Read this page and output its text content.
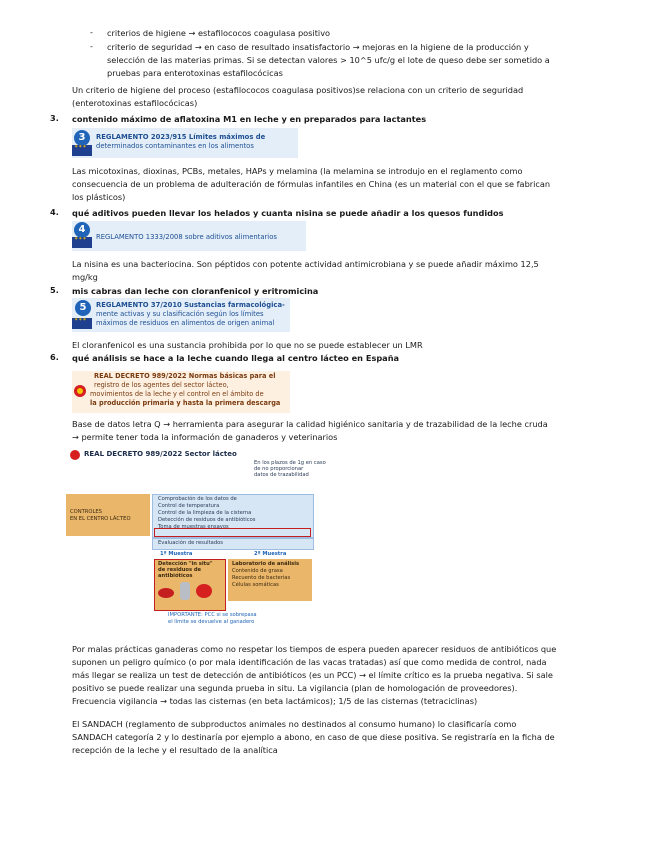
- criterios de higiene → estafilococos coagulasa positivo
- criterio de seguridad → en caso de resultado insatisfactorio → mejoras en la higiene de la producción y
selección de las materias primas. Si se detectan valores > 10^5 ufc/g el lote de queso debe ser sometido a
pruebas para enterotoxinas estafilocócicas
Un criterio de higiene del proceso (estafilococos coagulasa positivos)se relaciona con un criterio de seguridad
(enterotoxinas estafilocócicas)
3. contenido máximo de aflatoxina M1 en leche y en preparados para lactantes
3
✶✶✶	REGLAMENTO 2023/915 Límites máximos de
determinados contaminantes en los alimentos
Las micotoxinas, dioxinas, PCBs, metales, HAPs y melamina (la melamina se introdujo en el reglamento como
consecuencia de un problema de adulteración de fórmulas infantiles en China (es un material con el que se fabrican
los plásticos)
4. qué aditivos pueden llevar los helados y cuanta nisina se puede añadir a los quesos fundidos
4
✶✶✶
REGLAMENTO 1333/2008 sobre aditivos alimentarios
La nisina es una bacteriocina. Son péptidos con potente actividad antimicrobiana y se puede añadir máximo 12,5
mg/kg
5. mis cabras dan leche con cloranfenicol y eritromicina
5
✶✶✶	REGLAMENTO 37/2010 Sustancias farmacológica-
mente activas y su clasificación según los límites
máximos de residuos en alimentos de origen animal
El cloranfenicol es una sustancia prohibida por lo que no se puede establecer un LMR
6. qué análisis se hace a la leche cuando llega al centro lácteo en España
REAL DECRETO 989/2022 Normas básicas para el
registro de los agentes del sector lácteo,
movimientos de la leche y el control en el ámbito de
la producción primaria y hasta la primera descarga
Base de datos letra Q → herramienta para asegurar la calidad higiénico sanitaria y de trazabilidad de la leche cruda
→ permite tener toda la información de ganaderos y veterinarios
REAL DECRETO 989/2022 Sector lácteo
En los plazos de 1g en caso
de no proporcionar
datos de trazabilidad
CONTROLES
EN EL CENTRO LÁCTEO
Comprobación de los datos de
Control de temperatura
Control de la limpieza de la cisterna
Detección de residuos de antibióticos
Toma de muestras ensayos
Evaluación de resultados
1º Muestra	2ª Muestra
Detección "in situ"
de residuos de
antibióticos
Laboratorio de análisis
Contenido de grasa
Recuento de bacterias
Células somáticas
IMPORTANTE: PCC si se sobrepasa
el límite se devuelve al ganadero
Por malas prácticas ganaderas como no respetar los tiempos de espera pueden aparecer residuos de antibióticos que
suponen un peligro químico (o por mala identificación de las vacas tratadas) así que como medida de control, nada
más llegar se realiza un test de detección de antibióticos (es un PCC) → el límite crítico es la prueba negativa. Si sale
positivo se puede realizar una segunda prueba in situ. La vigilancia (plan de homologación de proveedores).
Frecuencia vigilancia → todas las cisternas (en beta lactámicos); 1/5 de las cisternas (tetraciclinas)
El SANDACH (reglamento de subproductos animales no destinados al consumo humano) lo clasificaría como
SANDACH categoría 2 y lo destinaría por ejemplo a abono, en caso de que diese positiva. Se registraría en la ficha de
recepción de la leche y el resultado de la analítica
